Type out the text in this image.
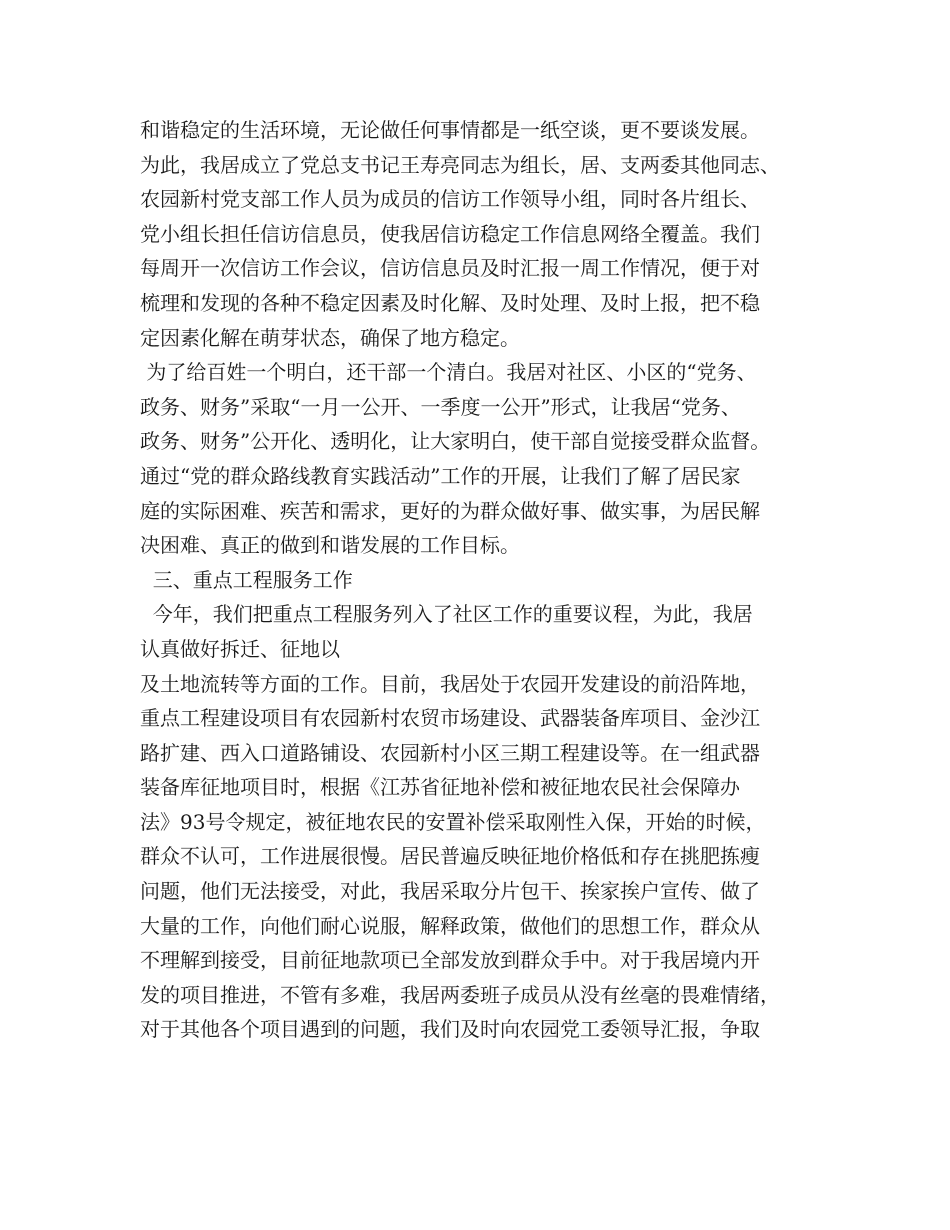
和谐稳定的生活环境，无论做任何事情都是一纸空谈，更不要谈发展。
为此，我居成立了党总支书记王寿亮同志为组长，居、支两委其他同志、
农园新村党支部工作人员为成员的信访工作领导小组，同时各片组长、
党小组长担任信访信息员，使我居信访稳定工作信息网络全覆盖。我们
每周开一次信访工作会议，信访信息员及时汇报一周工作情况，便于对
梳理和发现的各种不稳定因素及时化解、及时处理、及时上报，把不稳
定因素化解在萌芽状态，确保了地方稳定。
为了给百姓一个明白，还干部一个清白。我居对社区、小区的“党务、
政务、财务”采取“一月一公开、一季度一公开”形式，让我居“党务、
政务、财务”公开化、透明化，让大家明白，使干部自觉接受群众监督。
通过“党的群众路线教育实践活动”工作的开展，让我们了解了居民家
庭的实际困难、疾苦和需求，更好的为群众做好事、做实事，为居民解
决困难、真正的做到和谐发展的工作目标。
三、重点工程服务工作
今年，我们把重点工程服务列入了社区工作的重要议程，为此，我居
认真做好拆迁、征地以
及土地流转等方面的工作。目前，我居处于农园开发建设的前沿阵地，
重点工程建设项目有农园新村农贸市场建设、武器装备库项目、金沙江
路扩建、西入口道路铺设、农园新村小区三期工程建设等。在一组武器
装备库征地项目时，根据《江苏省征地补偿和被征地农民社会保障办
法》93号令规定，被征地农民的安置补偿采取刚性入保，开始的时候，
群众不认可，工作进展很慢。居民普遍反映征地价格低和存在挑肥拣瘦
问题，他们无法接受，对此，我居采取分片包干、挨家挨户宣传、做了
大量的工作，向他们耐心说服，解释政策，做他们的思想工作，群众从
不理解到接受，目前征地款项已全部发放到群众手中。对于我居境内开
发的项目推进，不管有多难，我居两委班子成员从没有丝毫的畏难情绪，
对于其他各个项目遇到的问题，我们及时向农园党工委领导汇报，争取
